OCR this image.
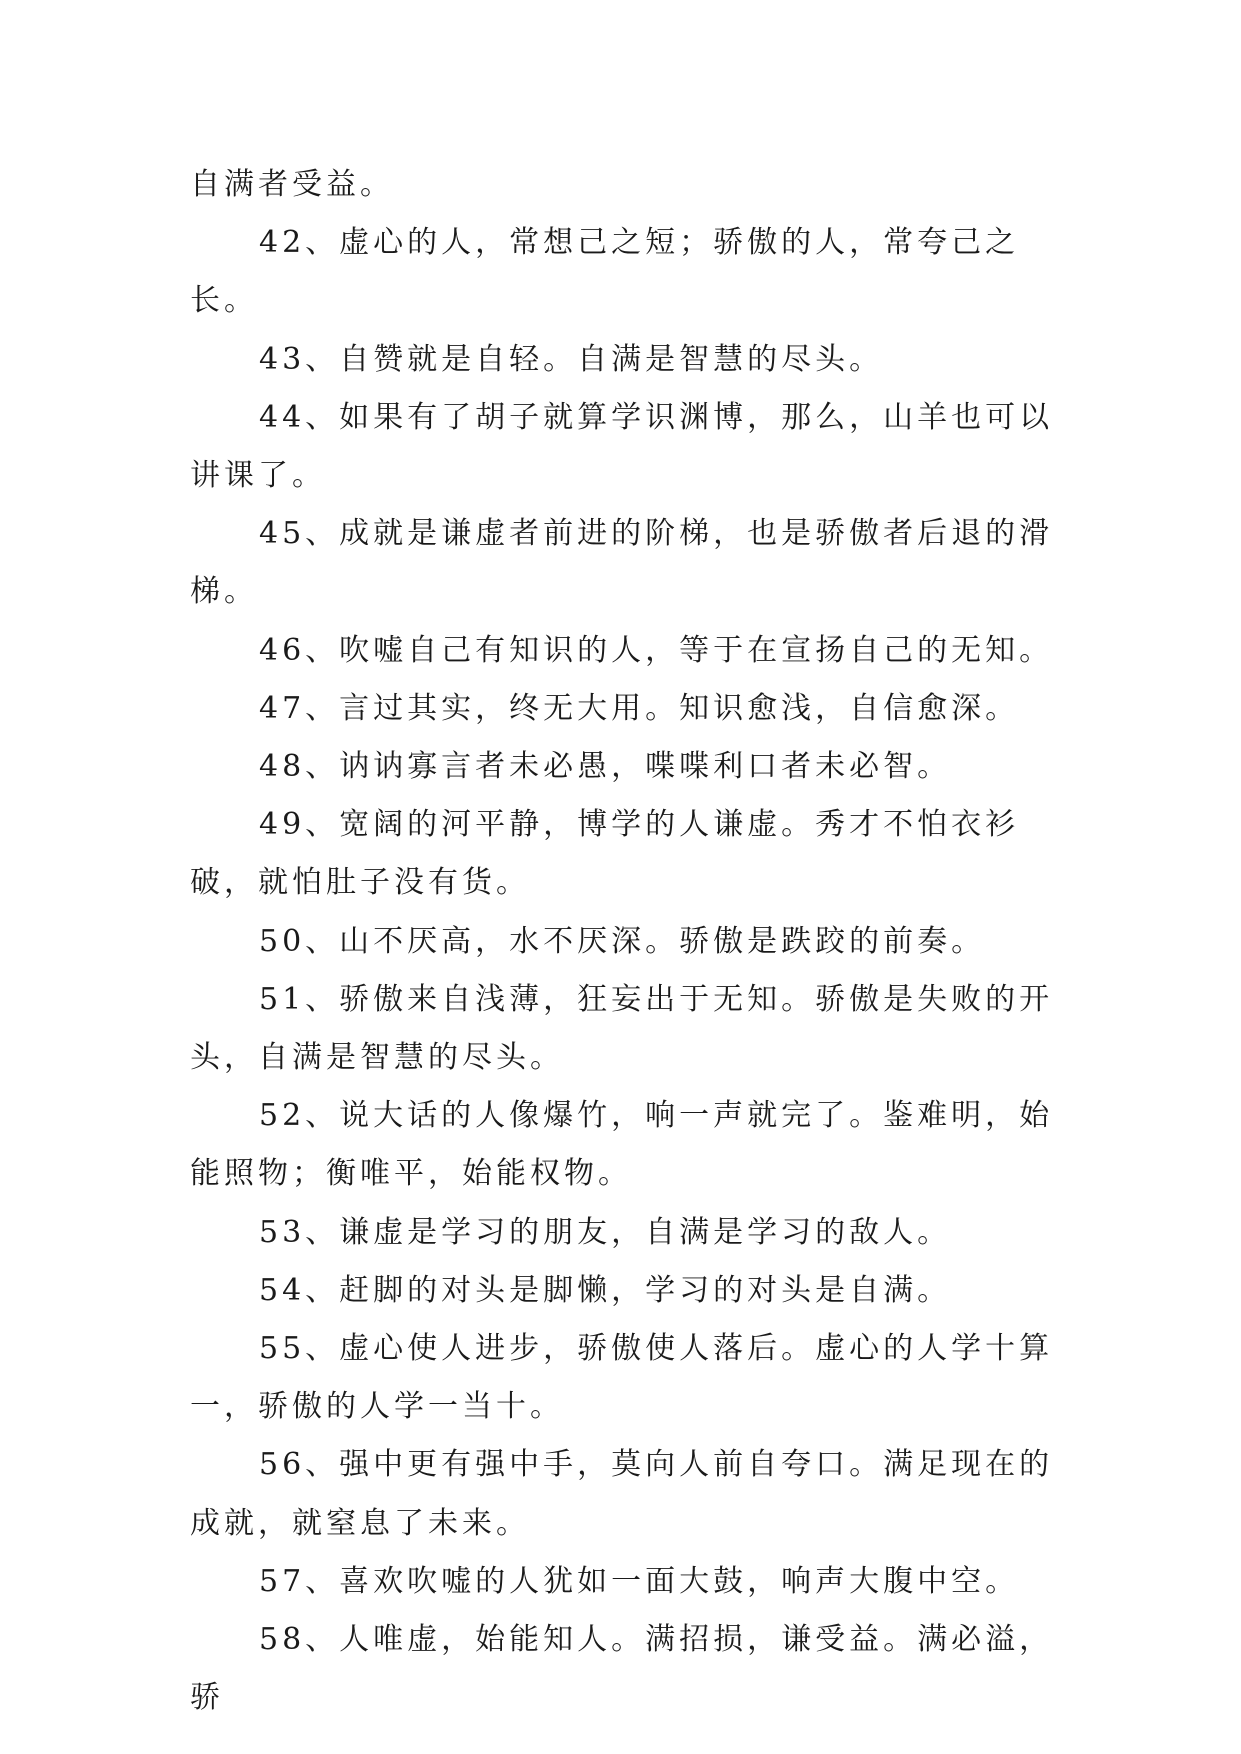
自满者受益。

42、虚心的人，常想己之短；骄傲的人，常夸己之长。

43、自赞就是自轻。自满是智慧的尽头。

44、如果有了胡子就算学识渊博，那么，山羊也可以讲课了。

45、成就是谦虚者前进的阶梯，也是骄傲者后退的滑梯。

46、吹嘘自己有知识的人，等于在宣扬自己的无知。

47、言过其实，终无大用。知识愈浅，自信愈深。

48、讷讷寡言者未必愚，喋喋利口者未必智。

49、宽阔的河平静，博学的人谦虚。秀才不怕衣衫破，就怕肚子没有货。

50、山不厌高，水不厌深。骄傲是跌跤的前奏。

51、骄傲来自浅薄，狂妄出于无知。骄傲是失败的开头，自满是智慧的尽头。

52、说大话的人像爆竹，响一声就完了。鉴难明，始能照物；衡唯平，始能权物。

53、谦虚是学习的朋友，自满是学习的敌人。

54、赶脚的对头是脚懒，学习的对头是自满。

55、虚心使人进步，骄傲使人落后。虚心的人学十算一，骄傲的人学一当十。

56、强中更有强中手，莫向人前自夸口。满足现在的成就，就窒息了未来。

57、喜欢吹嘘的人犹如一面大鼓，响声大腹中空。

58、人唯虚，始能知人。满招损，谦受益。满必溢，骄
